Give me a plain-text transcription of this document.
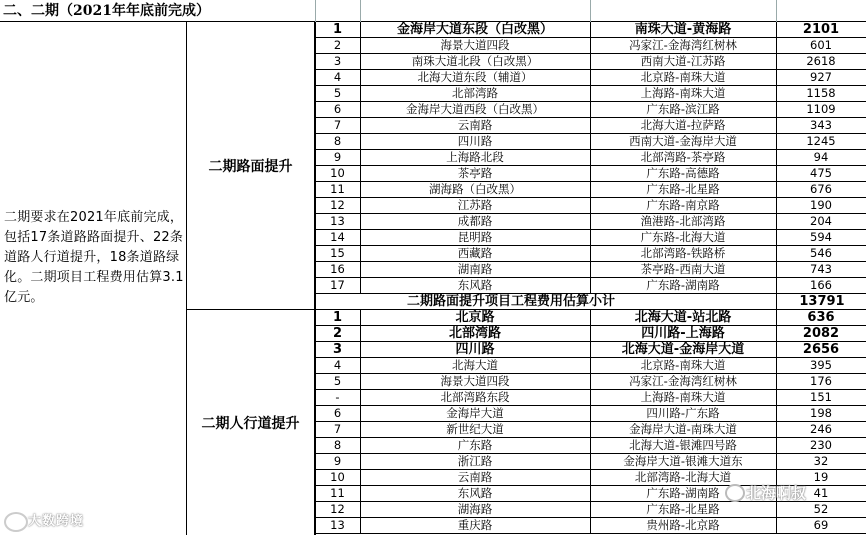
二、二期（2021年年底前完成）
二期要求在2021年底前完成，包括17条道路路面提升、22条道路人行道提升，18条道路绿化。二期项目工程费用估算3.1亿元。
二期路面提升
二期人行道提升
1	金海岸大道东段（白改黑）	南珠大道-黄海路	2101
2	海景大道四段	冯家江-金海湾红树林	601
3	南珠大道北段（白改黑）	西南大道-江苏路	2618
4	北海大道东段（辅道）	北京路-南珠大道	927
5	北部湾路	上海路-南珠大道	1158
6	金海岸大道西段（白改黑）	广东路-滨江路	1109
7	云南路	北海大道-拉萨路	343
8	四川路	西南大道-金海岸大道	1245
9	上海路北段	北部湾路-茶亭路	94
10	茶亭路	广东路-高德路	475
11	湖海路（白改黑）	广东路-北星路	676
12	江苏路	广东路-南京路	190
13	成都路	渔港路-北部湾路	204
14	昆明路	广东路-北海大道	594
15	西藏路	北部湾路-铁路桥	546
16	湖南路	茶亭路-西南大道	743
17	东风路	广东路-湖南路	166
二期路面提升项目工程费用估算小计	13791
1	北京路	北海大道-站北路	636
2	北部湾路	四川路-上海路	2082
3	四川路	北海大道-金海岸大道	2656
4	北海大道	北京路-南珠大道	395
5	海景大道四段	冯家江-金海湾红树林	176
-	北部湾路东段	上海路-南珠大道	151
6	金海岸大道	四川路-广东路	198
7	新世纪大道	金海岸大道-南珠大道	246
8	广东路	北海大道-银滩四号路	230
9	浙江路	金海岸大道-银滩大道东	32
10	云南路	北部湾路-北海大道	19
11	东风路	广东路-湖南路	41
12	湖海路	广东路-北星路	52
13	重庆路	贵州路-北京路	69
大数跨境
北海啊叔
